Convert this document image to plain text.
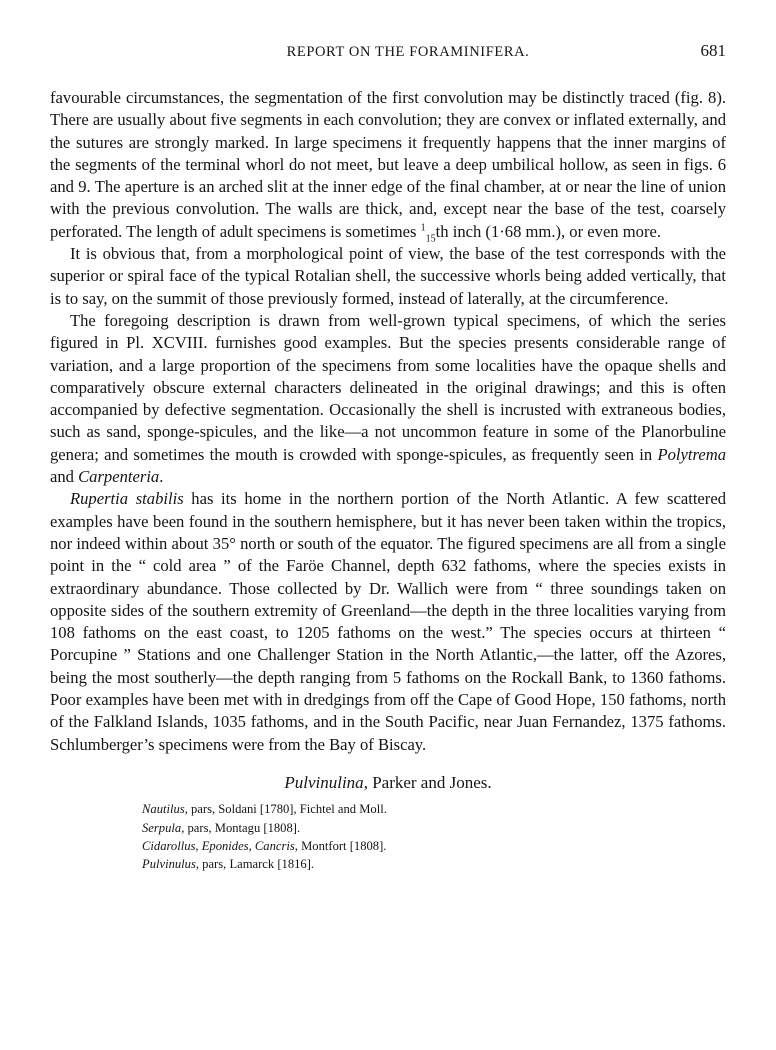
REPORT ON THE FORAMINIFERA.	681

favourable circumstances, the segmentation of the first convolution may be distinctly traced (fig. 8). There are usually about five segments in each convolution; they are convex or inflated externally, and the sutures are strongly marked. In large specimens it frequently happens that the inner margins of the segments of the terminal whorl do not meet, but leave a deep umbilical hollow, as seen in figs. 6 and 9. The aperture is an arched slit at the inner edge of the final chamber, at or near the line of union with the previous convolution. The walls are thick, and, except near the base of the test, coarsely perforated. The length of adult specimens is sometimes $^1_{15}$th inch (1·68 mm.), or even more.

It is obvious that, from a morphological point of view, the base of the test corresponds with the superior or spiral face of the typical Rotalian shell, the successive whorls being added vertically, that is to say, on the summit of those previously formed, instead of laterally, at the circumference.

The foregoing description is drawn from well-grown typical specimens, of which the series figured in Pl. XCVIII. furnishes good examples. But the species presents considerable range of variation, and a large proportion of the specimens from some localities have the opaque shells and comparatively obscure external characters delineated in the original drawings; and this is often accompanied by defective segmentation. Occasionally the shell is incrusted with extraneous bodies, such as sand, sponge-spicules, and the like—a not uncommon feature in some of the Planorbuline genera; and sometimes the mouth is crowded with sponge-spicules, as frequently seen in Polytrema and Carpenteria.

Rupertia stabilis has its home in the northern portion of the North Atlantic. A few scattered examples have been found in the southern hemisphere, but it has never been taken within the tropics, nor indeed within about 35° north or south of the equator. The figured specimens are all from a single point in the “ cold area ” of the Faröe Channel, depth 632 fathoms, where the species exists in extraordinary abundance. Those collected by Dr. Wallich were from “ three soundings taken on opposite sides of the southern extremity of Greenland—the depth in the three localities varying from 108 fathoms on the east coast, to 1205 fathoms on the west.” The species occurs at thirteen “ Porcupine ” Stations and one Challenger Station in the North Atlantic,—the latter, off the Azores, being the most southerly—the depth ranging from 5 fathoms on the Rockall Bank, to 1360 fathoms. Poor examples have been met with in dredgings from off the Cape of Good Hope, 150 fathoms, north of the Falkland Islands, 1035 fathoms, and in the South Pacific, near Juan Fernandez, 1375 fathoms. Schlumberger’s specimens were from the Bay of Biscay.

Pulvinulina, Parker and Jones.
Nautilus, pars, Soldani [1780], Fichtel and Moll.
Serpula, pars, Montagu [1808].
Cidarollus, Eponides, Cancris, Montfort [1808].
Pulvinulus, pars, Lamarck [1816].
